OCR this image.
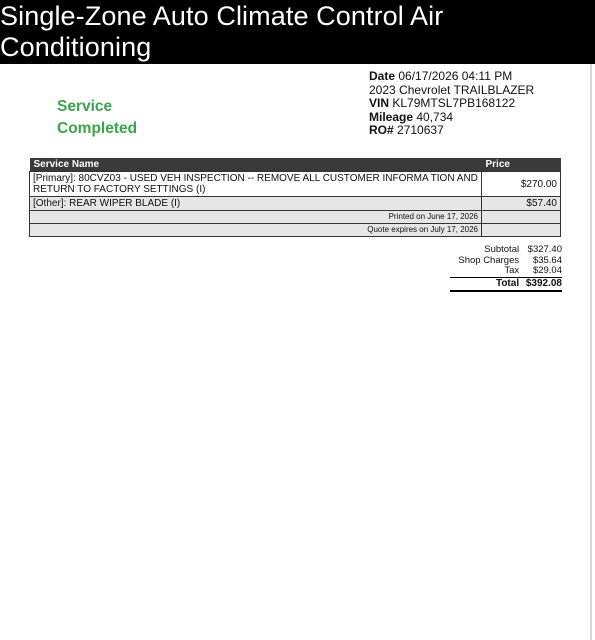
Single-Zone Auto Climate Control Air Conditioning
Service
Completed
Date 06/17/2026 04:11 PM
2023 Chevrolet TRAILBLAZER
VIN KL79MTSL7PB168122
Mileage 40,734
RO# 2710637
Service Name	Price
[Primary]: 80CVZ03 - USED VEH INSPECTION -- REMOVE ALL CUSTOMER INFORMA TION AND RETURN TO FACTORY SETTINGS (I)	$270.00
[Other]: REAR WIPER BLADE (I)	$57.40
Printed on June 17, 2026	
Quote expires on July 17, 2026	
Subtotal	$327.40
Shop Charges	$35.64
Tax	$29.04
Total	$392.08
